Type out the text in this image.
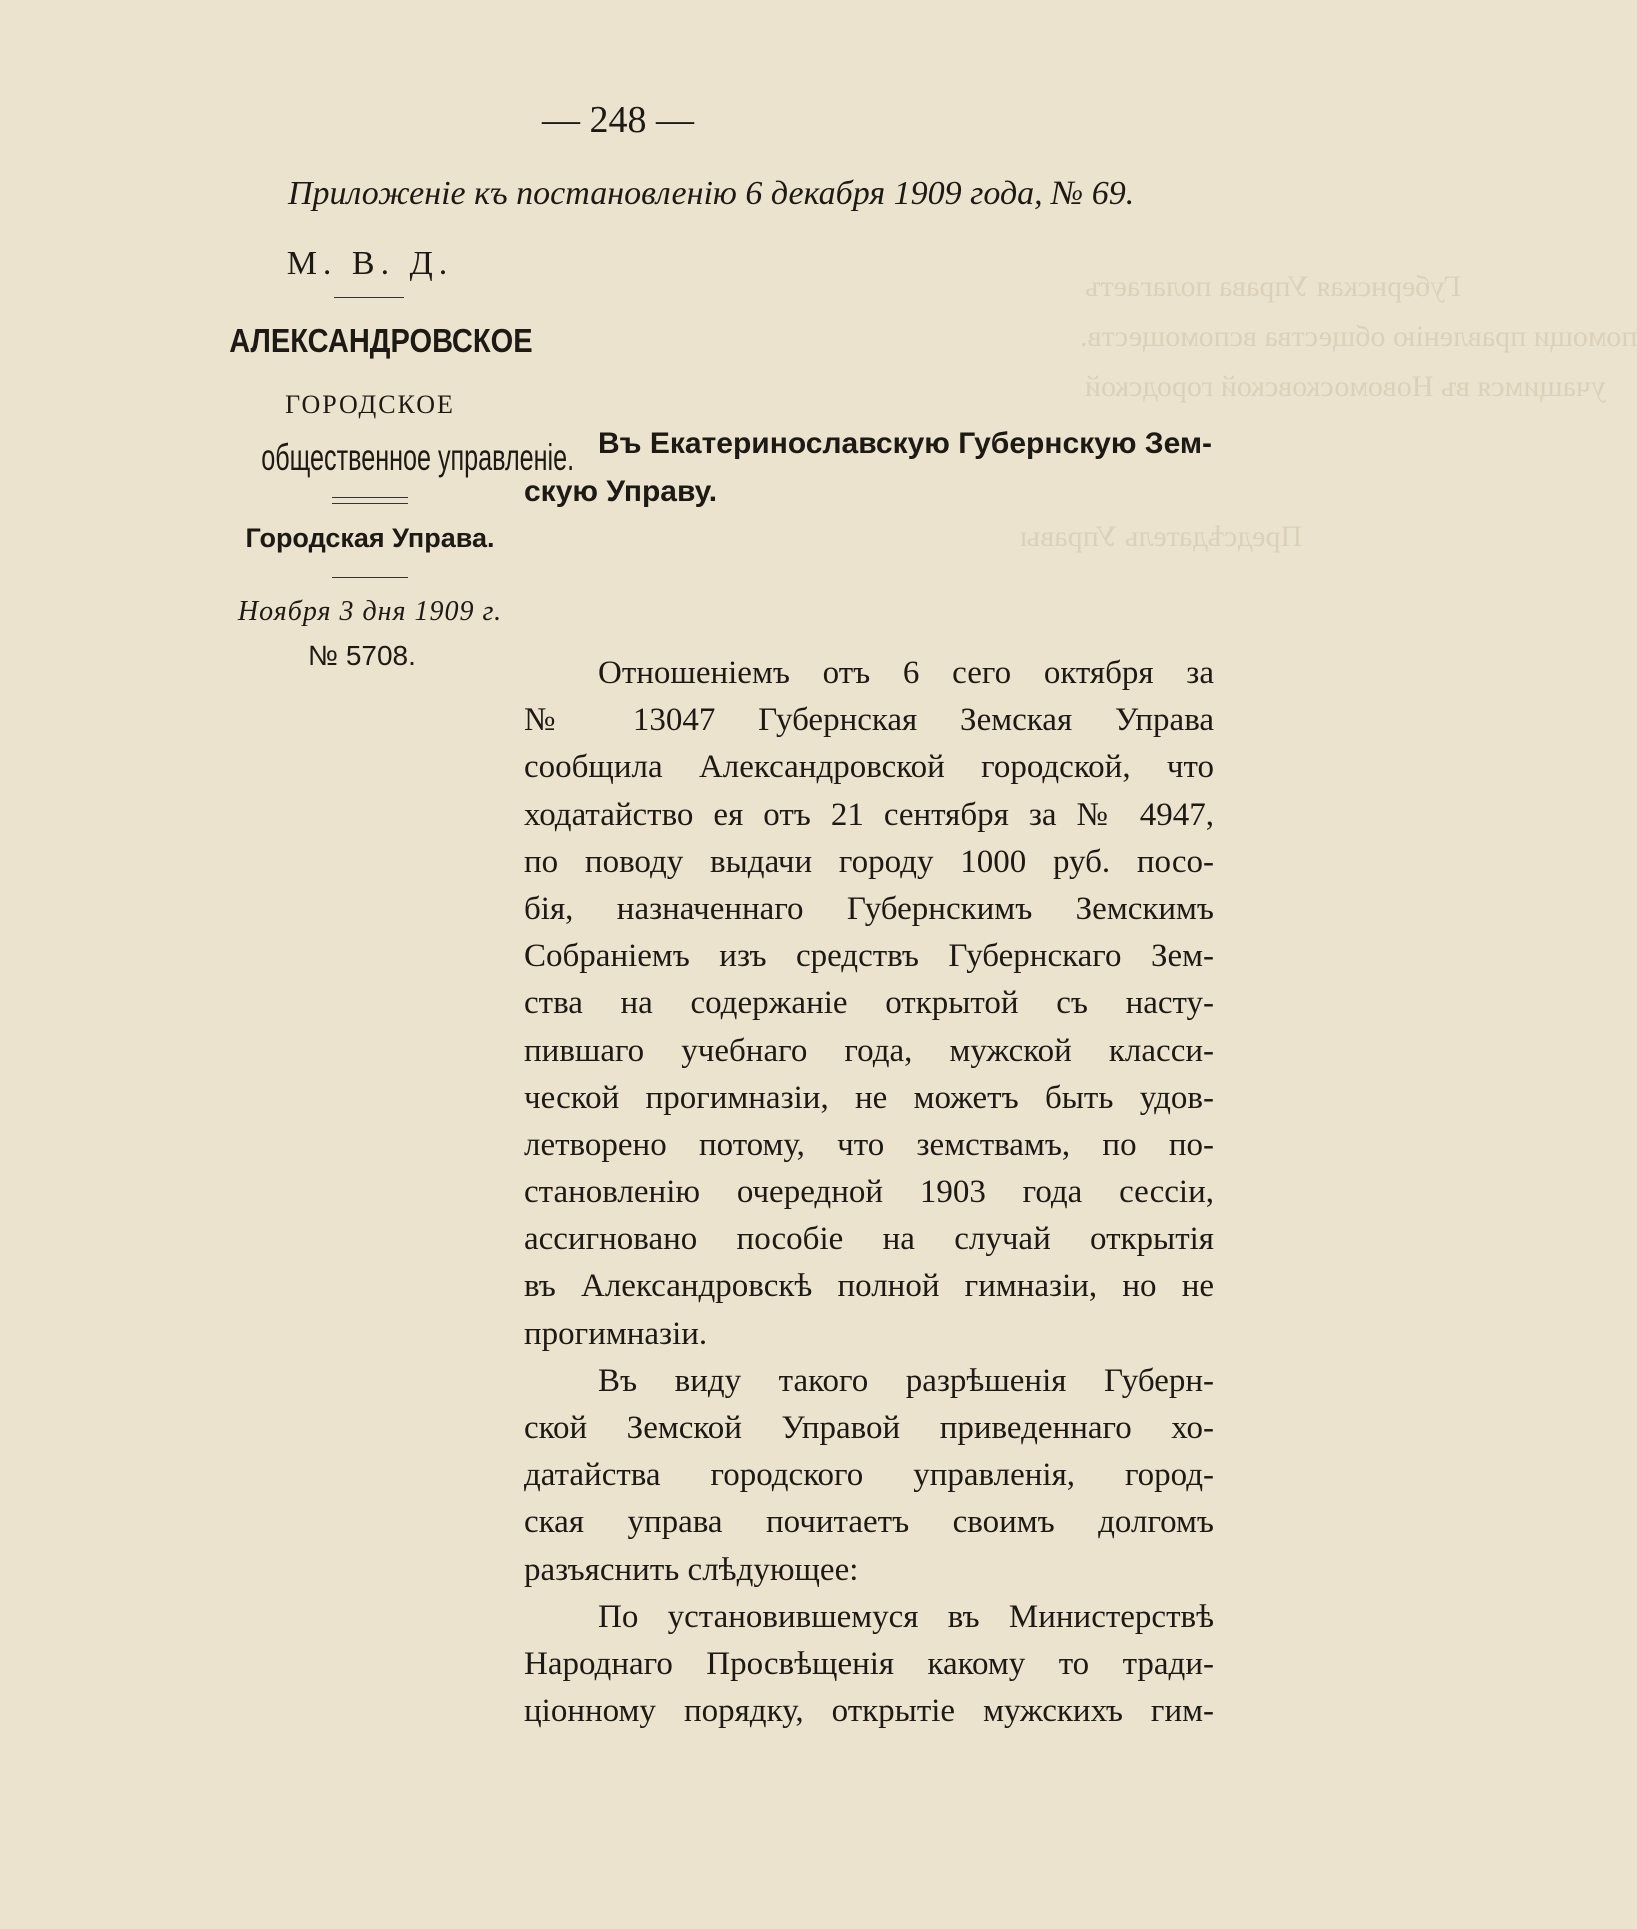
Губернская Управа полагаетъ
помощи правленію общества вспомоществ.
учащимся въ Новомосковской городской
Предсѣдатель Управы
— 248 —
Приложеніе къ постановленію 6 декабря 1909 года, № 69.
М. В. Д.
АЛЕКСАНДРОВСКОЕ
ГОРОДСКОЕ
общественное управленіе.
Городская Управа.
Ноября 3 дня 1909 г.
№ 5708.
Въ Екатеринославскую Губернскую Зем-
скую Управу.
Отношеніемъ отъ 6 сего октября за
№ 13047 Губернская Земская Управа
сообщила Александровской городской, что
ходатайство ея отъ 21 сентября за № 4947,
по поводу выдачи городу 1000 руб. посо-
бія, назначеннаго Губернскимъ Земскимъ
Собраніемъ изъ средствъ Губернскаго Зем-
ства на содержаніе открытой съ насту-
пившаго учебнаго года, мужской класси-
ческой прогимназіи, не можетъ быть удов-
летворено потому, что земствамъ, по по-
становленію очередной 1903 года сессіи,
ассигновано пособіе на случай открытія
въ Александровскѣ полной гимназіи, но не
прогимназіи.
Въ виду такого разрѣшенія Губерн-
ской Земской Управой приведеннаго хо-
датайства городского управленія, город-
ская управа почитаетъ своимъ долгомъ
разъяснить слѣдующее:
По установившемуся въ Министерствѣ
Народнаго Просвѣщенія какому то тради-
ціонному порядку, открытіе мужскихъ гим-
